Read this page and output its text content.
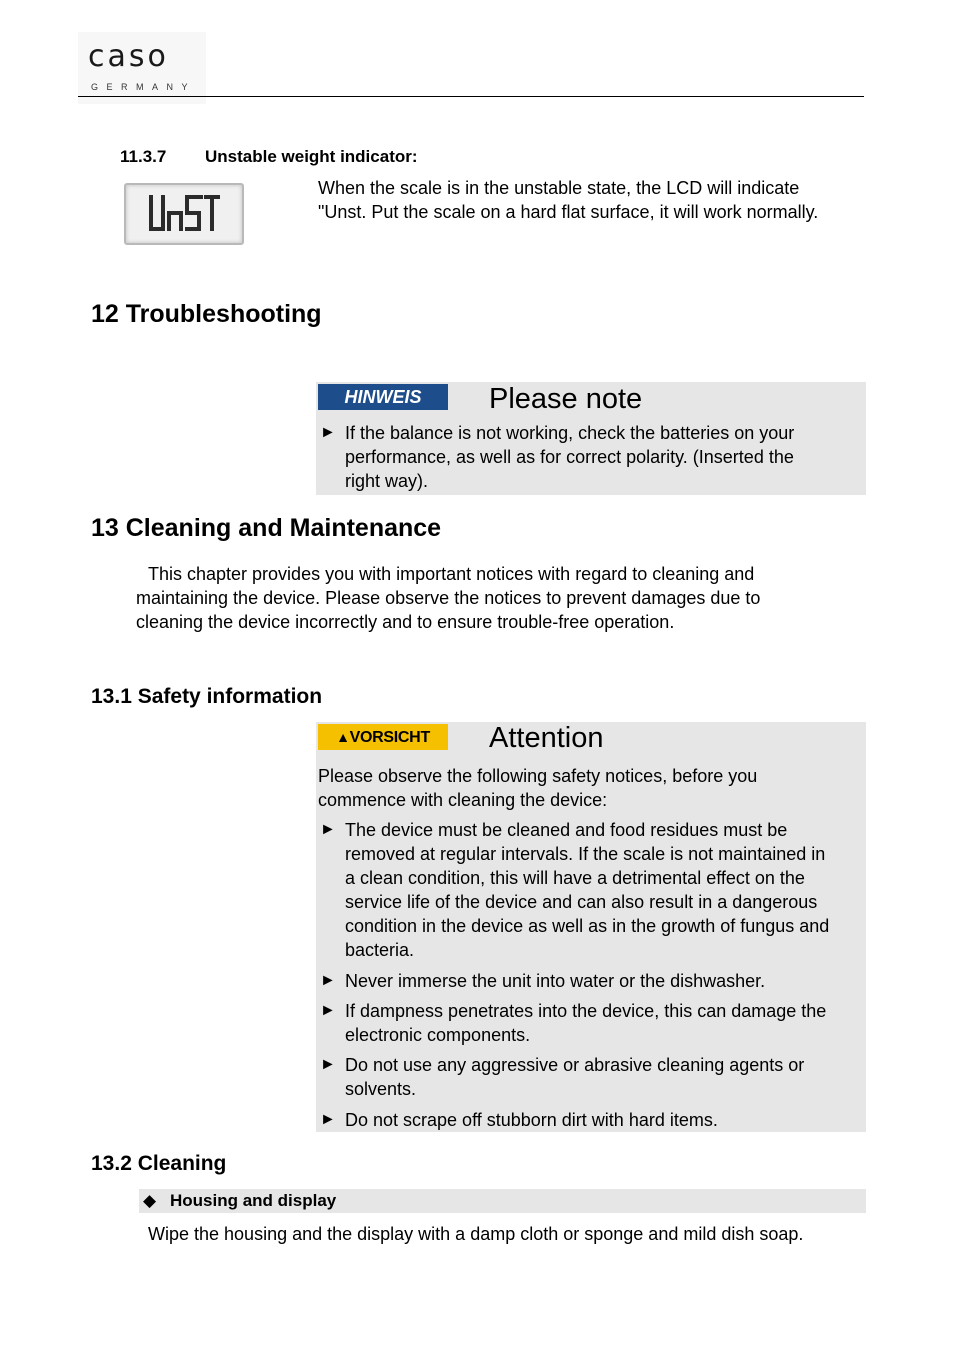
caso
GERMANY
11.3.7 Unstable weight indicator:
When the scale is in the unstable state, the LCD will indicate
"Unst. Put the scale on a hard flat surface, it will work normally.
12 Troubleshooting
HINWEIS	Please note
► If the balance is not working, check the batteries on your
performance, as well as for correct polarity. (Inserted the
right way).
13 Cleaning and Maintenance
This chapter provides you with important notices with regard to cleaning and
maintaining the device. Please observe the notices to prevent damages due to
cleaning the device incorrectly and to ensure trouble-free operation.
13.1 Safety information
▲VORSICHT	Attention
Please observe the following safety notices, before you
commence with cleaning the device:
► The device must be cleaned and food residues must be
removed at regular intervals. If the scale is not maintained in
a clean condition, this will have a detrimental effect on the
service life of the device and can also result in a dangerous
condition in the device as well as in the growth of fungus and
bacteria.
► Never immerse the unit into water or the dishwasher.
► If dampness penetrates into the device, this can damage the
electronic components.
► Do not use any aggressive or abrasive cleaning agents or
solvents.
► Do not scrape off stubborn dirt with hard items.
13.2 Cleaning
◆ Housing and display
Wipe the housing and the display with a damp cloth or sponge and mild dish soap.
